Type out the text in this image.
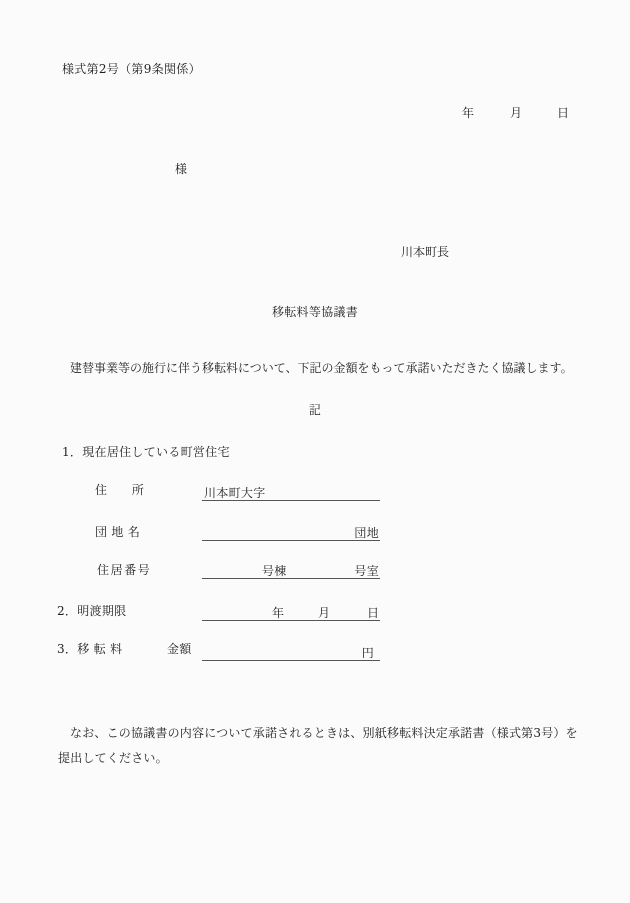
様式第2号（第9条関係）
年	月	日
様
川本町長
移転料等協議書
建替事業等の施行に伴う移転料について、下記の金額をもって承諾いただきたく協議します。
記
1．現在居住している町営住宅
住　　所	川本町大字
団 地 名	団地
住居番号	号棟	号室
2．明渡期限	年	月	日
3．移 転 料	金額	円
なお、この協議書の内容について承諾されるときは、別紙移転料決定承諾書（様式第3号）を
提出してください。
